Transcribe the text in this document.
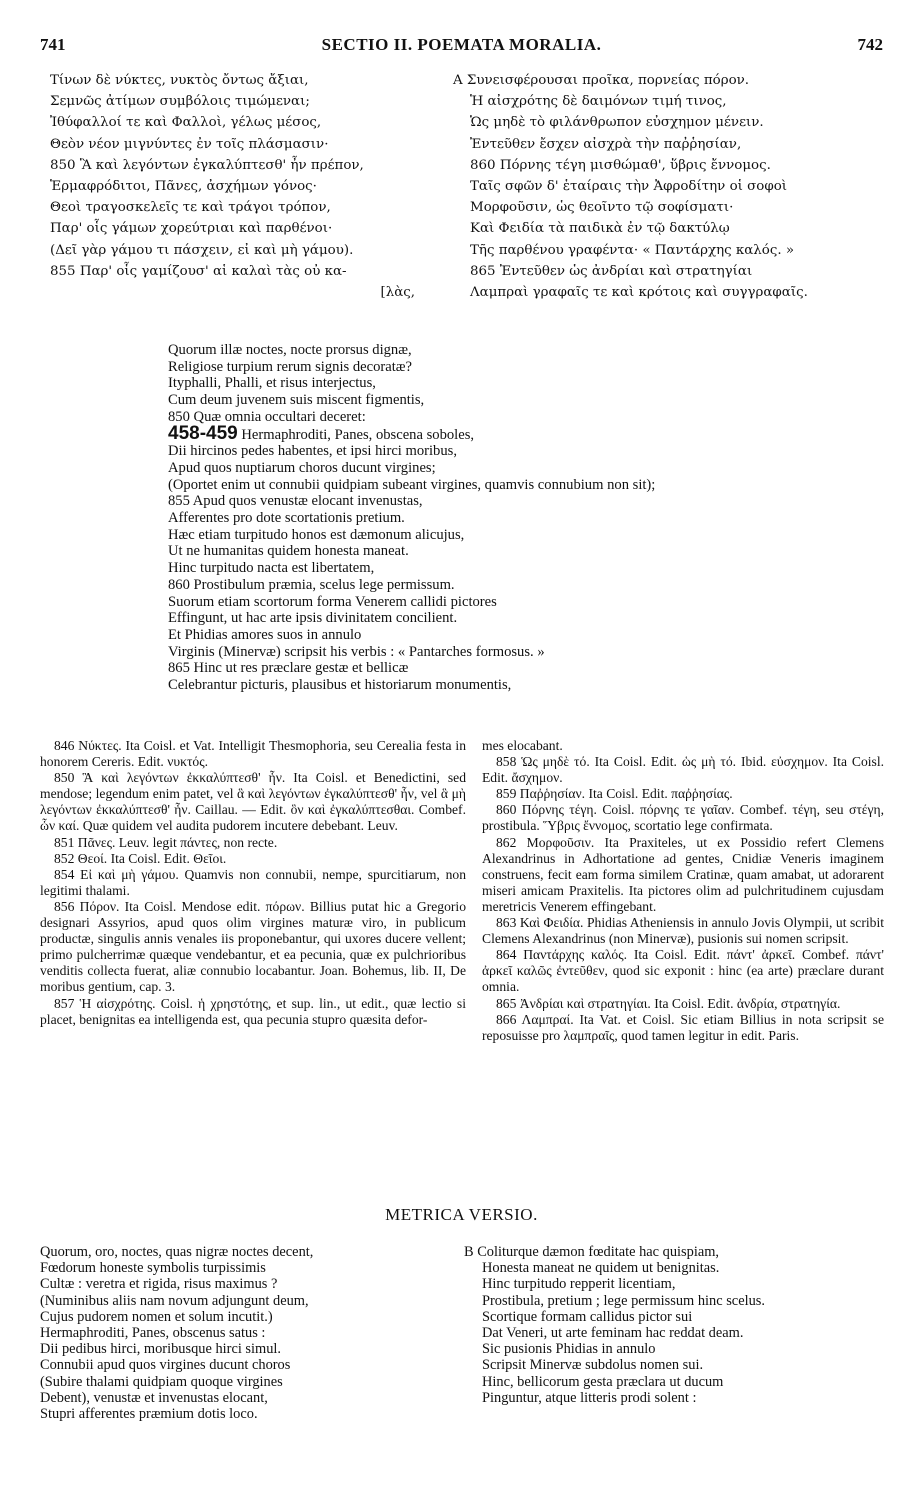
741	SECTIO II. POEMATA MORALIA.	742
Τίνων δὲ νύκτες, νυκτὸς ὄντως ἄξιαι,
Σεμνῶς ἀτίμων συμβόλοις τιμώμεναι;
Ἰθύφαλλοί τε καὶ Φαλλοὶ, γέλως μέσος,
Θεὸν νέον μιγνύντες ἐν τοῖς πλάσμασιν·
850 Ἃ καὶ λεγόντων ἐγκαλύπτεσθ' ἦν πρέπον,
Ἑρμαφρόδιτοι, Πᾶνες, ἀσχήμων γόνος·
Θεοὶ τραγοσκελεῖς τε καὶ τράγοι τρόπον,
Παρ' οἷς γάμων χορεύτριαι καὶ παρθένοι·
(Δεῖ γὰρ γάμου τι πάσχειν, εἰ καὶ μὴ γάμου).
855 Παρ' οἷς γαμίζουσ' αἱ καλαὶ τὰς οὐ κα-
[λὰς,
A Συνεισφέρουσαι προῖκα, πορνείας πόρον.
Ἡ αἰσχρότης δὲ δαιμόνων τιμή τινος,
Ὡς μηδὲ τὸ φιλάνθρωπον εὐσχημον μένειν.
Ἐντεῦθεν ἔσχεν αἰσχρὰ τὴν παῤῥησίαν,
860 Πόρνης τέγη μισθώμαθ', ὕβρις ἔννομος.
Ταῖς σφῶν δ' ἑταίραις τὴν Ἀφροδίτην οἱ σοφοὶ
Μορφοῦσιν, ὡς θεοῖντο τῷ σοφίσματι·
Καὶ Φειδία τὰ παιδικὰ ἐν τῷ δακτύλῳ
Τῆς παρθένου γραφέντα· « Παντάρχης καλός. »
865 Ἐντεῦθεν ὡς ἀνδρίαι καὶ στρατηγίαι
Λαμπραὶ γραφαῖς τε καὶ κρότοις καὶ συγγραφαῖς.
Quorum illæ noctes, nocte prorsus dignæ,
Religiose turpium rerum signis decoratæ?
Ityphalli, Phalli, et risus interjectus,
Cum deum juvenem suis miscent figmentis,
850 Quæ omnia occultari deceret:
458-459 Hermaphroditi, Panes, obscena soboles,
Dii hircinos pedes habentes, et ipsi hirci moribus,
Apud quos nuptiarum choros ducunt virgines;
(Oportet enim ut connubii quidpiam subeant virgines, quamvis connubium non sit);
855 Apud quos venustæ elocant invenustas,
Afferentes pro dote scortationis pretium.
Hæc etiam turpitudo honos est dæmonum alicujus,
Ut ne humanitas quidem honesta maneat.
Hinc turpitudo nacta est libertatem,
860 Prostibulum præmia, scelus lege permissum.
Suorum etiam scortorum forma Venerem callidi pictores
Effingunt, ut hac arte ipsis divinitatem concilient.
Et Phidias amores suos in annulo
Virginis (Minervæ) scripsit his verbis : « Pantarches formosus. »
865 Hinc ut res præclare gestæ et bellicæ
Celebrantur picturis, plausibus et historiarum monumentis,

846 Νύκτες. Ita Coisl. et Vat. Intelligit Thesmophoria, seu Cerealia festa in honorem Cereris. Edit. νυκτός.

850 Ἃ καὶ λεγόντων ἐκκαλύπτεσθ' ἦν. Ita Coisl. et Benedictini, sed mendose; legendum enim patet, vel ἃ καὶ λεγόντων ἐγκαλύπτεσθ' ἦν, vel ἃ μὴ λεγόντων ἐκκαλύπτεσθ' ἦν. Caillau. — Edit. ὃν καὶ ἐγκαλύπτεσθαι. Combef. ὧν καί. Quæ quidem vel audita pudorem incutere debebant. Leuv.

851 Πᾶνες. Leuv. legit πάντες, non recte.

852 Θεοί. Ita Coisl. Edit. Θεῖοι.

854 Εἰ καὶ μὴ γάμου. Quamvis non connubii, nempe, spurcitiarum, non legitimi thalami.

856 Πόρον. Ita Coisl. Mendose edit. πόρων. Billius putat hic a Gregorio designari Assyrios, apud quos olim virgines maturæ viro, in publicum productæ, singulis annis venales iis proponebantur, qui uxores ducere vellent; primo pulcherrimæ quæque vendebantur, et ea pecunia, quæ ex pulchrioribus venditis collecta fuerat, aliæ connubio locabantur. Joan. Bohemus, lib. II, De moribus gentium, cap. 3.

857 Ἡ αἰσχρότης. Coisl. ἡ χρηστότης, et sup. lin., ut edit., quæ lectio si placet, benignitas ea intelligenda est, qua pecunia stupro quæsita defor-

mes elocabant.

858 Ὡς μηδὲ τό. Ita Coisl. Edit. ὡς μὴ τό. Ibid. εὐσχημον. Ita Coisl. Edit. ἄσχημον.

859 Παῤῥησίαν. Ita Coisl. Edit. παῤῥησίας.

860 Πόρνης τέγη. Coisl. πόρνης τε γαῖαν. Combef. τέγη, seu στέγη, prostibula. Ὕβρις ἔννομος, scortatio lege confirmata.

862 Μορφοῦσιν. Ita Praxiteles, ut ex Possidio refert Clemens Alexandrinus in Adhortatione ad gentes, Cnidiæ Veneris imaginem construens, fecit eam forma similem Cratinæ, quam amabat, ut adorarent miseri amicam Praxitelis. Ita pictores olim ad pulchritudinem cujusdam meretricis Venerem effingebant.

863 Καὶ Φειδία. Phidias Atheniensis in annulo Jovis Olympii, ut scribit Clemens Alexandrinus (non Minervæ), pusionis sui nomen scripsit.

864 Παντάρχης καλός. Ita Coisl. Edit. πάντ' ἀρκεῖ. Combef. πάντ' ἀρκεῖ καλῶς ἐντεῦθεν, quod sic exponit : hinc (ea arte) præclare durant omnia.

865 Ἀνδρίαι καὶ στρατηγίαι. Ita Coisl. Edit. ἀνδρία, στρατηγία.

866 Λαμπραί. Ita Vat. et Coisl. Sic etiam Billius in nota scripsit se reposuisse pro λαμπραῖς, quod tamen legitur in edit. Paris.

METRICA VERSIO.
Quorum, oro, noctes, quas nigræ noctes decent,
Fœdorum honeste symbolis turpissimis
Cultæ : veretra et rigida, risus maximus ?
(Numinibus aliis nam novum adjungunt deum,
Cujus pudorem nomen et solum incutit.)
Hermaphroditi, Panes, obscenus satus :
Dii pedibus hirci, moribusque hirci simul.
Connubii apud quos virgines ducunt choros
(Subire thalami quidpiam quoque virgines
Debent), venustæ et invenustas elocant,
Stupri afferentes præmium dotis loco.
B Coliturque dæmon fœditate hac quispiam,
Honesta maneat ne quidem ut benignitas.
Hinc turpitudo repperit licentiam,
Prostibula, pretium ; lege permissum hinc scelus.
Scortique formam callidus pictor sui
Dat Veneri, ut arte feminam hac reddat deam.
Sic pusionis Phidias in annulo
Scripsit Minervæ subdolus nomen sui.
Hinc, bellicorum gesta præclara ut ducum
Pinguntur, atque litteris prodi solent :
